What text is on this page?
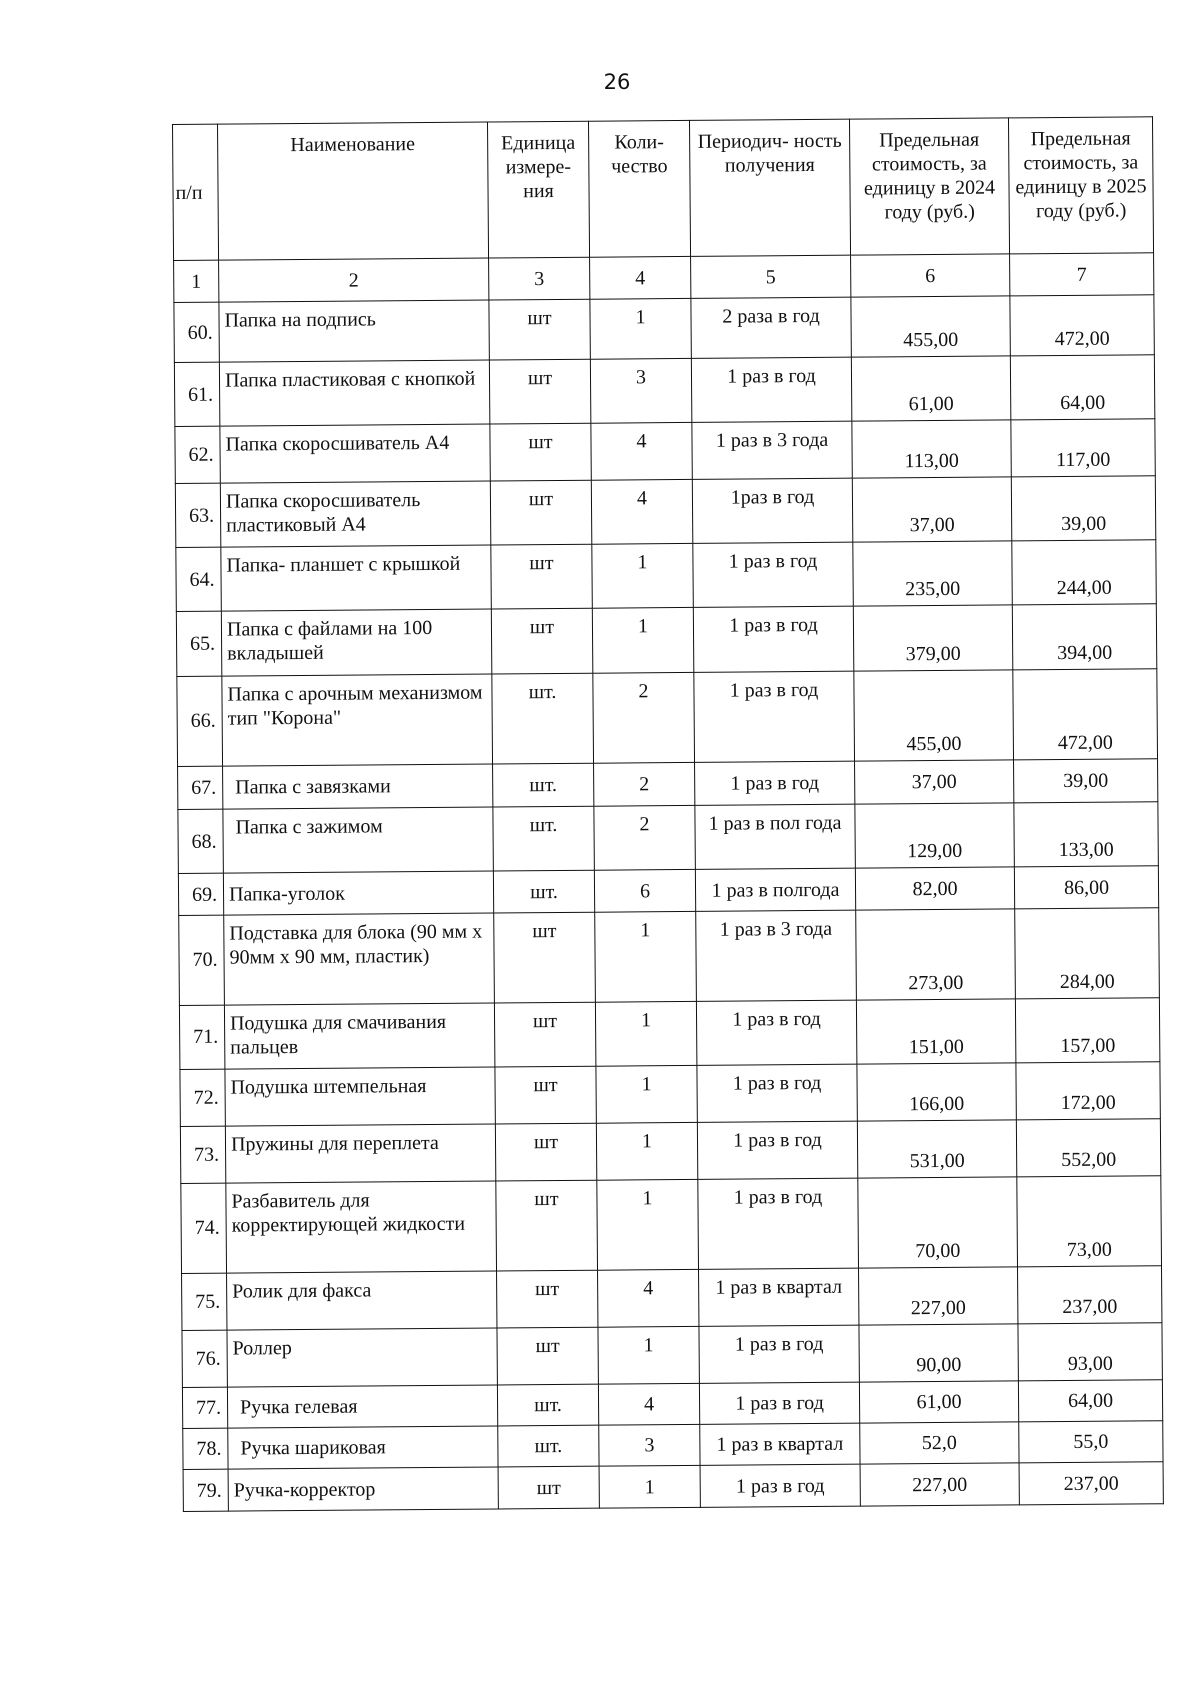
26
п/п	Наименование	Единица измере- ния	Коли- чество	Периодич- ность получения	Предельная стоимость, за единицу в 2024 году (руб.)	Предельная стоимость, за единицу в 2025 году (руб.)
1	2	3	4	5	6	7
60.	Папка на подпись	шт	1	2 раза в год	455,00	472,00
61.	Папка пластиковая с кнопкой	шт	3	1 раз в год	61,00	64,00
62.	Папка скоросшиватель А4	шт	4	1 раз в 3 года	113,00	117,00
63.	Папка скоросшиватель пластиковый А4	шт	4	1раз в год	37,00	39,00
64.	Папка- планшет с крышкой	шт	1	1 раз в год	235,00	244,00
65.	Папка с файлами на 100 вкладышей	шт	1	1 раз в год	379,00	394,00
66.	Папка с арочным механизмом тип "Корона"	шт.	2	1 раз в год	455,00	472,00
67.	Папка с завязками	шт.	2	1 раз в год	37,00	39,00
68.	Папка с зажимом	шт.	2	1 раз в пол года	129,00	133,00
69.	Папка-уголок	шт.	6	1 раз в полгода	82,00	86,00
70.	Подставка для блока (90 мм х 90мм х 90 мм, пластик)	шт	1	1 раз в 3 года	273,00	284,00
71.	Подушка для смачивания пальцев	шт	1	1 раз в год	151,00	157,00
72.	Подушка штемпельная	шт	1	1 раз в год	166,00	172,00
73.	Пружины для переплета	шт	1	1 раз в год	531,00	552,00
74.	Разбавитель для корректирующей жидкости	шт	1	1 раз в год	70,00	73,00
75.	Ролик для факса	шт	4	1 раз в квартал	227,00	237,00
76.	Роллер	шт	1	1 раз в год	90,00	93,00
77.	Ручка гелевая	шт.	4	1 раз в год	61,00	64,00
78.	Ручка шариковая	шт.	3	1 раз в квартал	52,0	55,0
79.	Ручка-корректор	шт	1	1 раз в год	227,00	237,00
